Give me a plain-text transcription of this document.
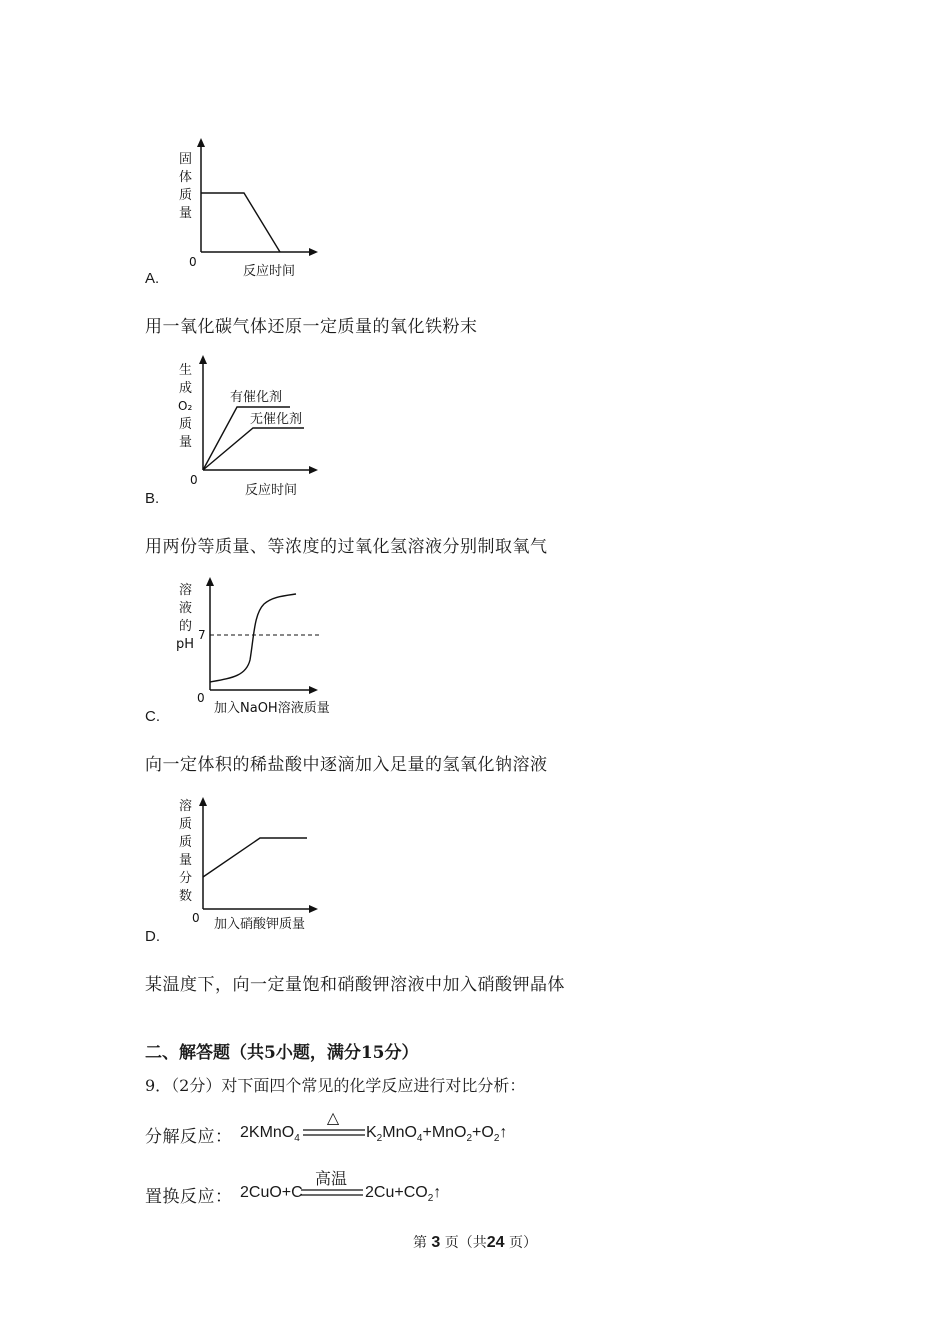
固
体
质
量
0
反应时间
A.
用一氧化碳气体还原一定质量的氧化铁粉末
有催化剂
无催化剂
生
成
O₂
质
量
0
反应时间
B.
用两份等质量、等浓度的过氧化氢溶液分别制取氧气
溶
液
的
pH
7
0
加入NaOH溶液质量
C.
向一定体积的稀盐酸中逐滴加入足量的氢氧化钠溶液
溶
质
质
量
分
数
0 加入硝酸钾质量
D.
某温度下，向一定量饱和硝酸钾溶液中加入硝酸钾晶体
二、解答题（共5小题，满分15分）
9．（2分）对下面四个常见的化学反应进行对比分析：
分解反应： 2KMnO$_4$
△
$K_2MnO_4+MnO_2+O_2↑$
置换反应： 2CuO+C
高温
$2Cu+CO_2↑$
第 3 页（共24 页）
